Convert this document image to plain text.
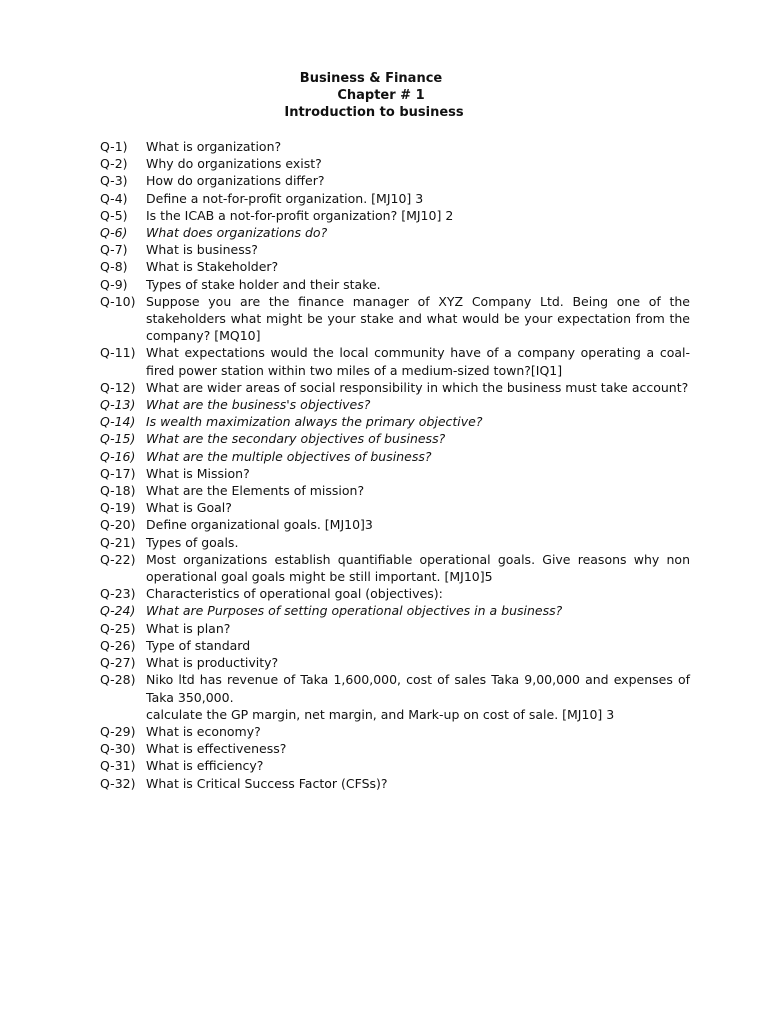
Business & Finance
Chapter # 1
Introduction to business
Q-1)	What is organization?
Q-2)	Why do organizations exist?
Q-3)	How do organizations differ?
Q-4)	Define a not-for-profit organization. [MJ10] 3
Q-5)	Is the ICAB a not-for-profit organization? [MJ10] 2
Q-6)	What does organizations do?
Q-7)	What is business?
Q-8)	What is Stakeholder?
Q-9)	Types of stake holder and their stake.
Q-10) Suppose you are the finance manager of XYZ Company Ltd. Being one of the stakeholders what might be your stake and what would be your expectation from the company? [MQ10]
Q-11) What expectations would the local community have of a company operating a coal-fired power station within two miles of a medium-sized town?[IQ1]
Q-12) What are wider areas of social responsibility in which the business must take account?
Q-13) What are the business's objectives?
Q-14) Is wealth maximization always the primary objective?
Q-15) What are the secondary objectives of business?
Q-16) What are the multiple objectives of business?
Q-17) What is Mission?
Q-18) What are the Elements of mission?
Q-19) What is Goal?
Q-20) Define organizational goals. [MJ10]3
Q-21) Types of goals.
Q-22) Most organizations establish quantifiable operational goals. Give reasons why non operational goal goals might be still important. [MJ10]5
Q-23) Characteristics of operational goal (objectives):
Q-24) What are Purposes of setting operational objectives in a business?
Q-25) What is plan?
Q-26) Type of standard
Q-27) What is productivity?
Q-28) Niko ltd has revenue of Taka 1,600,000, cost of sales Taka 9,00,000 and expenses of Taka 350,000.
calculate the GP margin, net margin, and Mark-up on cost of sale. [MJ10] 3
Q-29) What is economy?
Q-30) What is effectiveness?
Q-31) What is efficiency?
Q-32) What is Critical Success Factor (CFSs)?
